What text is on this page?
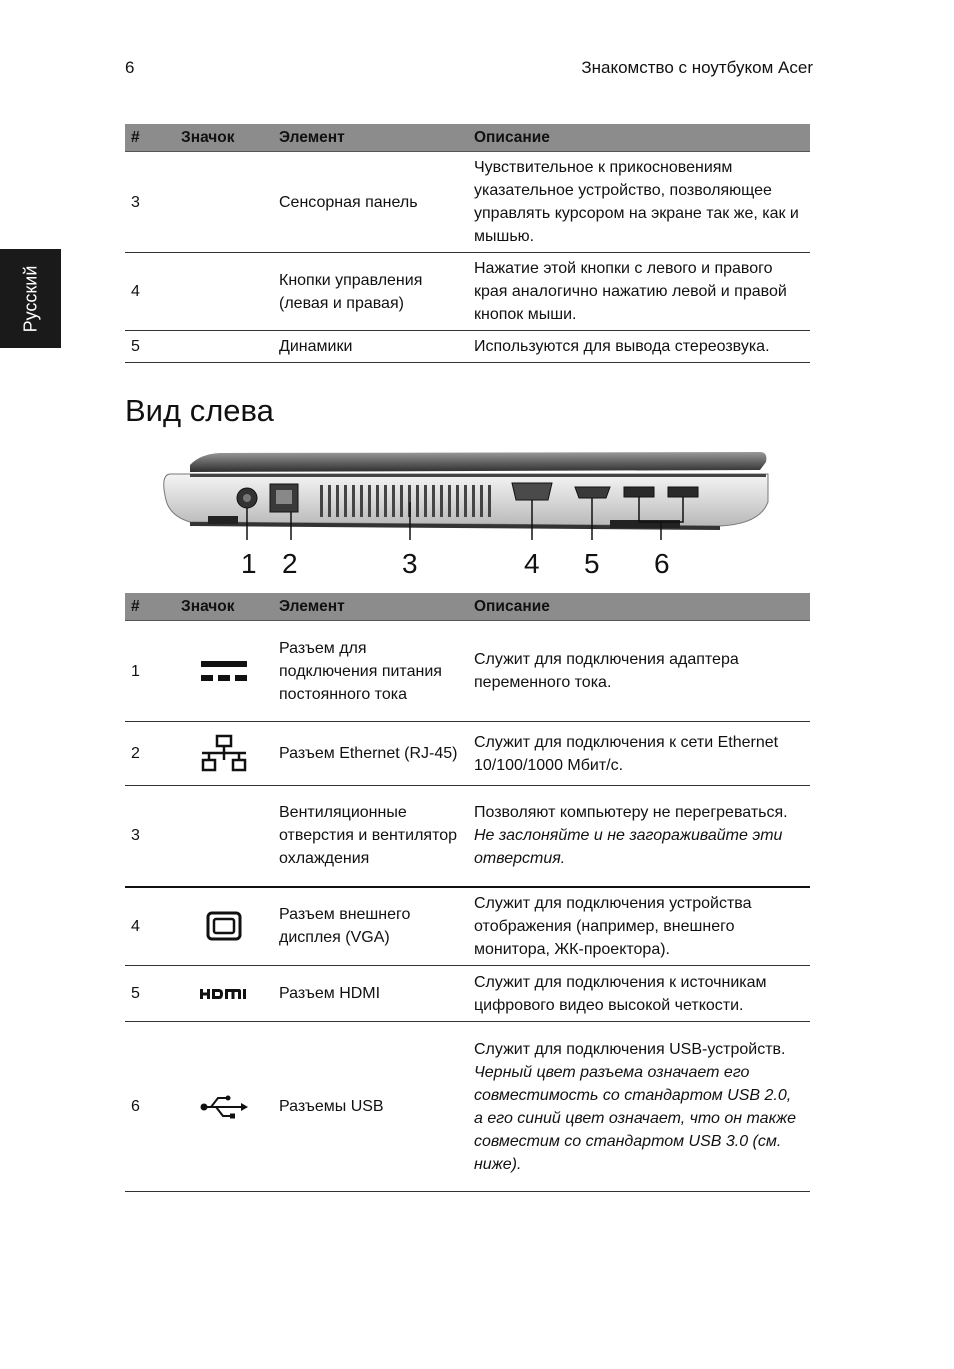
6	Знакомство с ноутбуком Acer
Русский
#	Значок	Элемент	Описание
3		Сенсорная панель	Чувствительное к прикосновениям указательное устройство, позволяющее управлять курсором на экране так же, как и мышью.
4		Кнопки управления (левая и правая)	Нажатие этой кнопки с левого и правого края аналогично нажатию левой и правой кнопок мыши.
5		Динамики	Используются для вывода стереозвука.
Вид слева
1 2	3	4 5 6
#	Значок	Элемент	Описание
1		Разъем для подключения питания постоянного тока	Служит для подключения адаптера переменного тока.

2		Разъем Ethernet (RJ-45)	Служит для подключения к сети Ethernet 10/100/1000 Мбит/с.

3		Вентиляционные отверстия и вентилятор охлаждения	Позволяют компьютеру не перегреваться.
Не заслоняйте и не загораживайте эти отверстия.

4		Разъем внешнего дисплея (VGA)	Служит для подключения устройства отображения (например, внешнего монитора, ЖК-проектора).

5		Разъем HDMI	Служит для подключения к источникам цифрового видео высокой четкости.

6		Разъемы USB	Служит для подключения USB-устройств.
Черный цвет разъема означает его совместимость со стандартом USB 2.0, а его синий цвет означает, что он также совместим со стандартом USB 3.0 (см. ниже).
